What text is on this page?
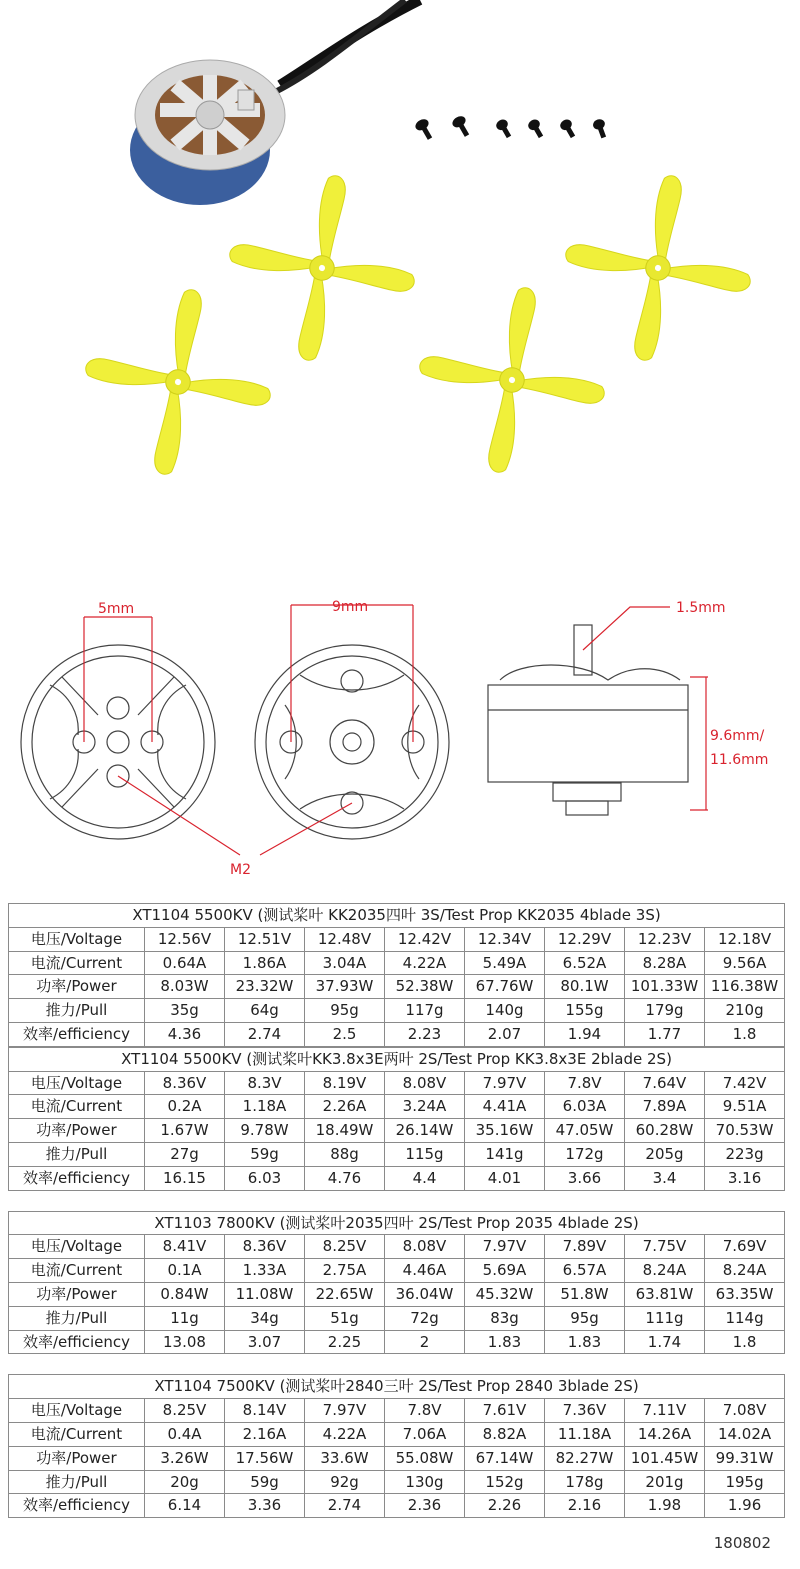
5mm	9mm	1.5mm
9.6mm/
11.6mm
M2
XT1104 5500KV (测试桨叶 KK2035四叶 3S/Test Prop KK2035 4blade 3S)								
电压/Voltage	12.56V	12.51V	12.48V	12.42V	12.34V	12.29V	12.23V	12.18V
电流/Current	0.64A	1.86A	3.04A	4.22A	5.49A	6.52A	8.28A	9.56A
功率/Power	8.03W	23.32W	37.93W	52.38W	67.76W	80.1W	101.33W	116.38W
推力/Pull	35g	64g	95g	117g	140g	155g	179g	210g
效率/efficiency	4.36	2.74	2.5	2.23	2.07	1.94	1.77	1.8
XT1104 5500KV (测试桨叶KK3.8x3E两叶 2S/Test Prop KK3.8x3E 2blade 2S)								
电压/Voltage	8.36V	8.3V	8.19V	8.08V	7.97V	7.8V	7.64V	7.42V
电流/Current	0.2A	1.18A	2.26A	3.24A	4.41A	6.03A	7.89A	9.51A
功率/Power	1.67W	9.78W	18.49W	26.14W	35.16W	47.05W	60.28W	70.53W
推力/Pull	27g	59g	88g	115g	141g	172g	205g	223g
效率/efficiency	16.15	6.03	4.76	4.4	4.01	3.66	3.4	3.16
XT1103 7800KV (测试桨叶2035四叶 2S/Test Prop 2035 4blade 2S)								
电压/Voltage	8.41V	8.36V	8.25V	8.08V	7.97V	7.89V	7.75V	7.69V
电流/Current	0.1A	1.33A	2.75A	4.46A	5.69A	6.57A	8.24A	8.24A
功率/Power	0.84W	11.08W	22.65W	36.04W	45.32W	51.8W	63.81W	63.35W
推力/Pull	11g	34g	51g	72g	83g	95g	111g	114g
效率/efficiency	13.08	3.07	2.25	2	1.83	1.83	1.74	1.8
XT1104 7500KV (测试桨叶2840三叶 2S/Test Prop 2840 3blade 2S)								
电压/Voltage	8.25V	8.14V	7.97V	7.8V	7.61V	7.36V	7.11V	7.08V
电流/Current	0.4A	2.16A	4.22A	7.06A	8.82A	11.18A	14.26A	14.02A
功率/Power	3.26W	17.56W	33.6W	55.08W	67.14W	82.27W	101.45W	99.31W
推力/Pull	20g	59g	92g	130g	152g	178g	201g	195g
效率/efficiency	6.14	3.36	2.74	2.36	2.26	2.16	1.98	1.96
180802
